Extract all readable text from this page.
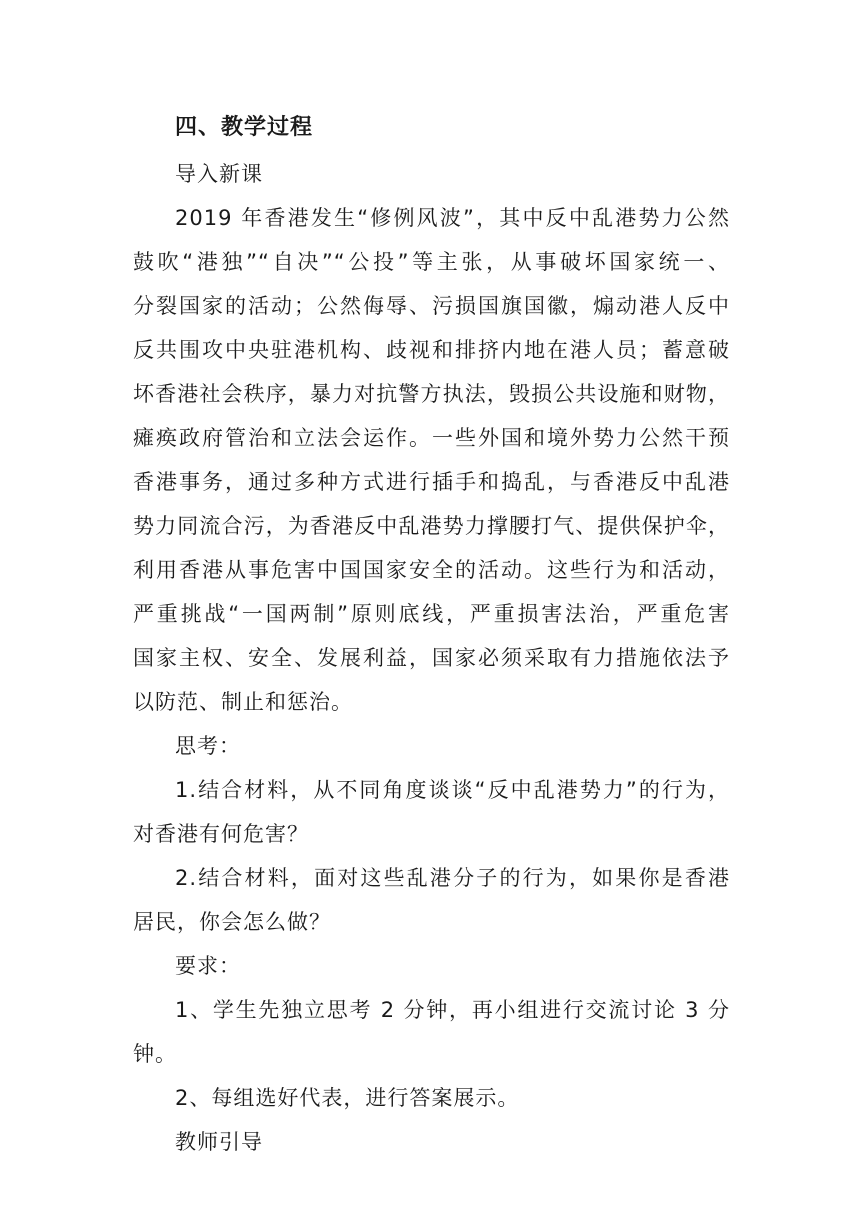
四、教学过程
导入新课
2019 年香港发生“修例风波”，其中反中乱港势力公然
鼓吹“港独”“自决”“公投”等主张，从事破坏国家统一、
分裂国家的活动；公然侮辱、污损国旗国徽，煽动港人反中
反共围攻中央驻港机构、歧视和排挤内地在港人员；蓄意破
坏香港社会秩序，暴力对抗警方执法，毁损公共设施和财物，
瘫痪政府管治和立法会运作。一些外国和境外势力公然干预
香港事务，通过多种方式进行插手和捣乱，与香港反中乱港
势力同流合污，为香港反中乱港势力撑腰打气、提供保护伞，
利用香港从事危害中国国家安全的活动。这些行为和活动，
严重挑战“一国两制”原则底线，严重损害法治，严重危害
国家主权、安全、发展利益，国家必须采取有力措施依法予
以防范、制止和惩治。
思考：
1.结合材料，从不同角度谈谈“反中乱港势力”的行为，
对香港有何危害？
2.结合材料，面对这些乱港分子的行为，如果你是香港
居民，你会怎么做？
要求：
1、学生先独立思考 2 分钟，再小组进行交流讨论 3 分
钟。
2、每组选好代表，进行答案展示。
教师引导
